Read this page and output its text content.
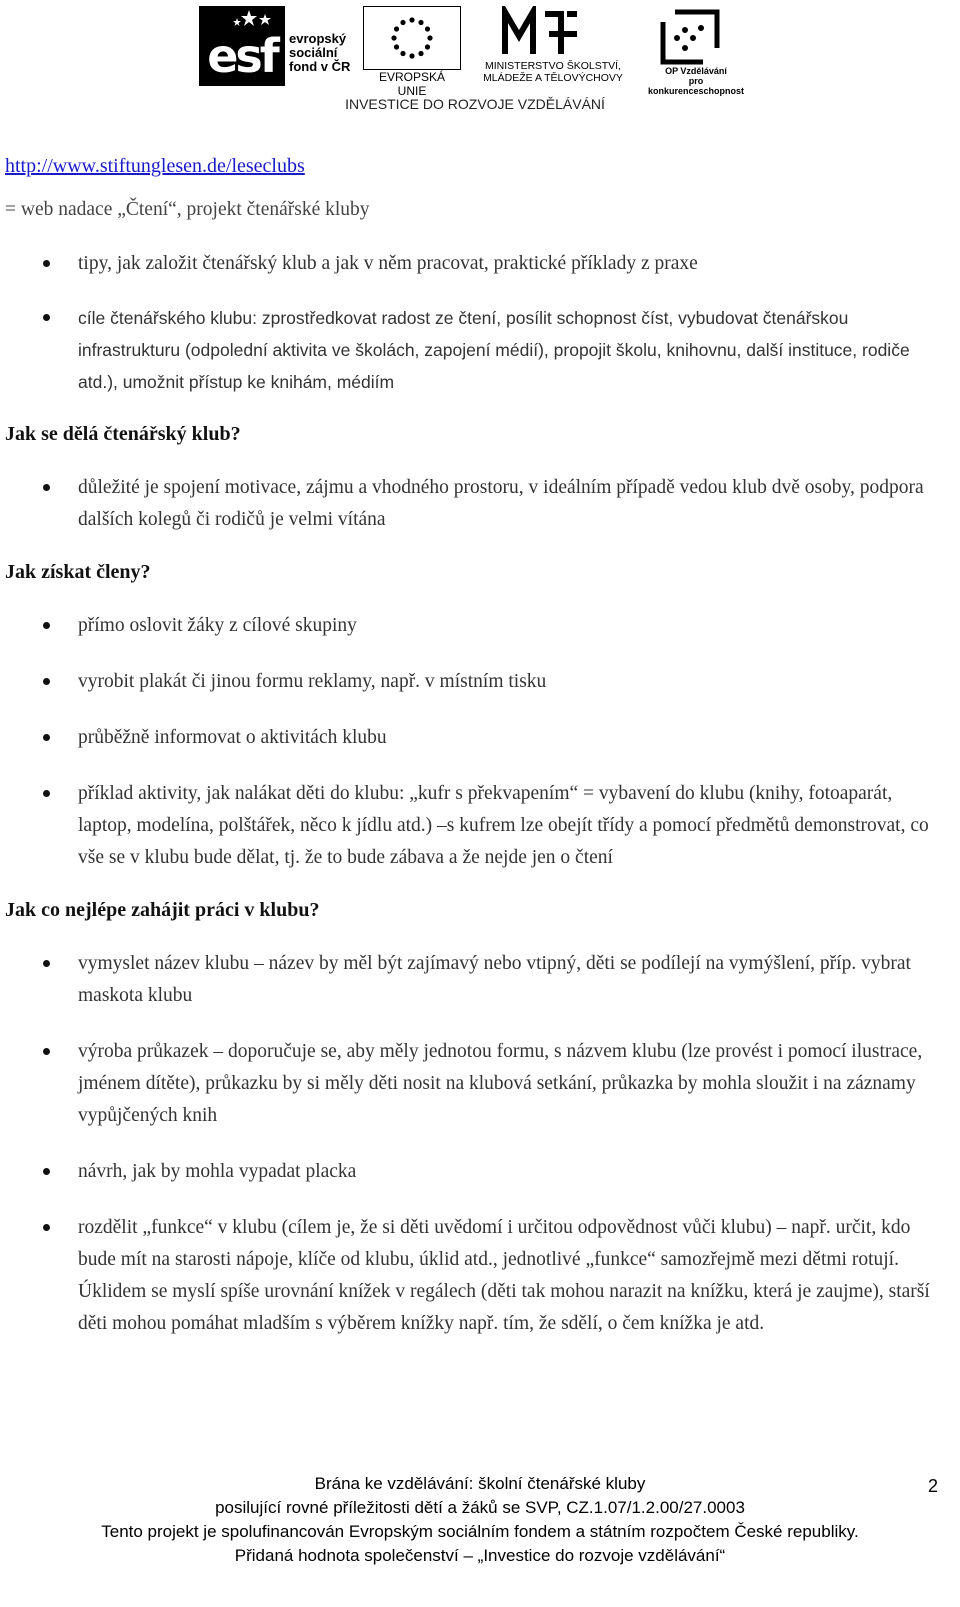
esf evropský
sociální
fond v ČR
EVROPSKÁ UNIE
MINISTERSTVO ŠKOLSTVÍ,
MLÁDEŽE A TĚLOVÝCHOVY
OP Vzdělávání
pro konkurenceschopnost
INVESTICE DO ROZVOJE VZDĚLÁVÁNÍ
http://www.stiftunglesen.de/leseclubs

= web nadace „Čtení“, projekt čtenářské kluby

tipy, jak založit čtenářský klub a jak v něm pracovat, praktické příklady z praxe
cíle čtenářského klubu: zprostředkovat radost ze čtení, posílit schopnost číst, vybudovat čtenářskou infrastrukturu (odpolední aktivita ve školách, zapojení médií), propojit školu, knihovnu, další instituce, rodiče atd.), umožnit přístup ke knihám, médiím
Jak se dělá čtenářský klub?
důležité je spojení motivace, zájmu a vhodného prostoru, v ideálním případě vedou klub dvě osoby, podpora dalších kolegů či rodičů je velmi vítána
Jak získat členy?
přímo oslovit žáky z cílové skupiny
vyrobit plakát či jinou formu reklamy, např. v místním tisku
průběžně informovat o aktivitách klubu
příklad aktivity, jak nalákat děti do klubu: „kufr s překvapením“ = vybavení do klubu (knihy, fotoaparát, laptop, modelína, polštářek, něco k jídlu atd.) –s kufrem lze obejít třídy a pomocí předmětů demonstrovat, co vše se v klubu bude dělat, tj. že to bude zábava a že nejde jen o čtení
Jak co nejlépe zahájit práci v klubu?
vymyslet název klubu – název by měl být zajímavý nebo vtipný, děti se podílejí na vymýšlení, příp. vybrat maskota klubu
výroba průkazek – doporučuje se, aby měly jednotou formu, s názvem klubu (lze provést i pomocí ilustrace, jménem dítěte), průkazku by si měly děti nosit na klubová setkání, průkazka by mohla sloužit i na záznamy vypůjčených knih
návrh, jak by mohla vypadat placka
rozdělit „funkce“ v klubu (cílem je, že si děti uvědomí i určitou odpovědnost vůči klubu) – např. určit, kdo bude mít na starosti nápoje, klíče od klubu, úklid atd., jednotlivé „funkce“ samozřejmě mezi dětmi rotují. Úklidem se myslí spíše urovnání knížek v regálech (děti tak mohou narazit na knížku, která je zaujme), starší děti mohou pomáhat mladším s výběrem knížky např. tím, že sdělí, o čem knížka je atd.
Brána ke vzdělávání: školní čtenářské kluby
posilující rovné příležitosti dětí a žáků se SVP, CZ.1.07/1.2.00/27.0003
Tento projekt je spolufinancován Evropským sociálním fondem a státním rozpočtem České republiky.
Přidaná hodnota společenství – „Investice do rozvoje vzdělávání“
2
